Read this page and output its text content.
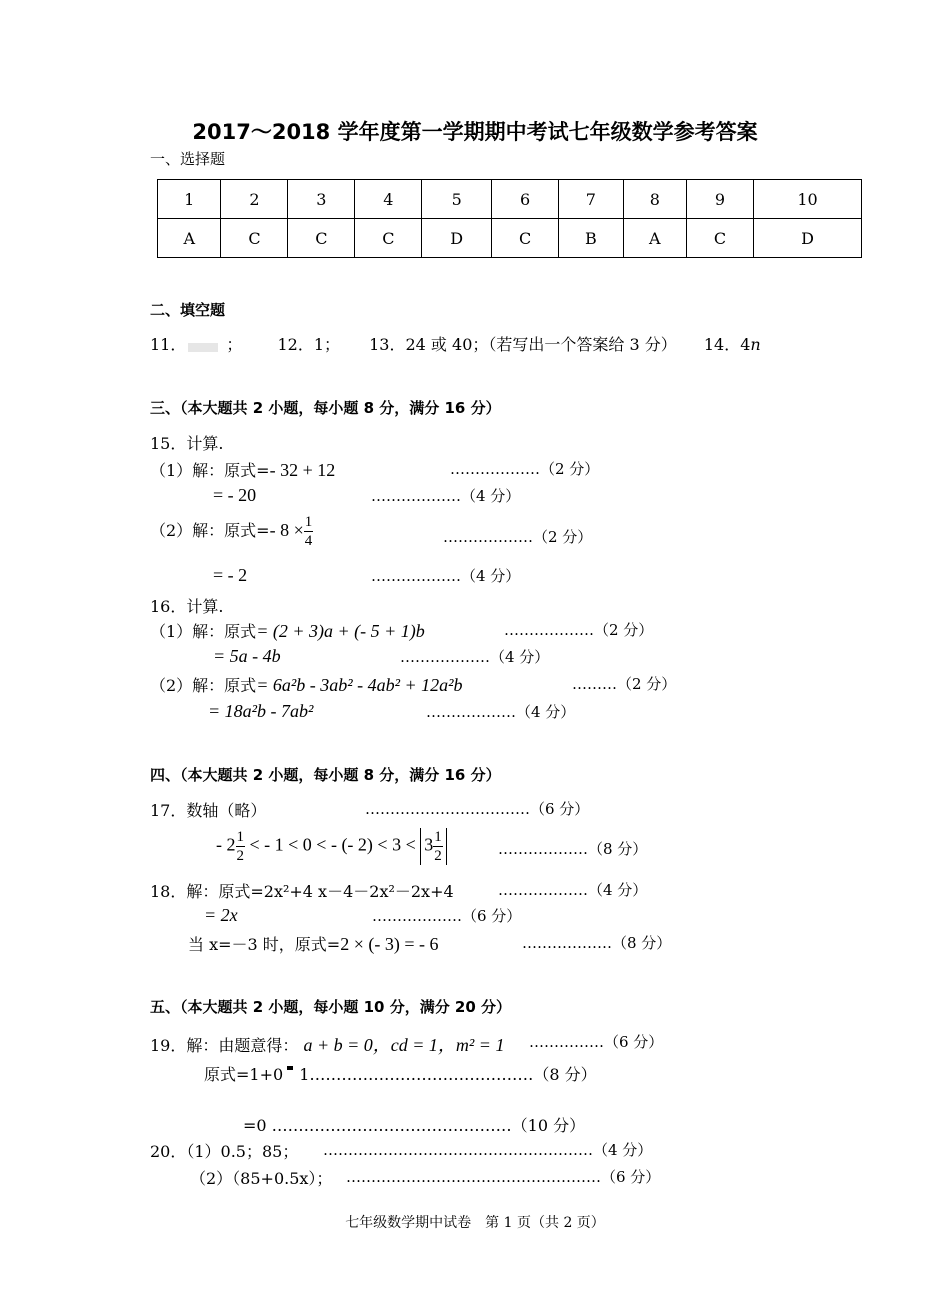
2017～2018 学年度第一学期期中考试七年级数学参考答案
一、选择题
1	2	3	4	5	6	7	8	9	10
A	C	C	C	D	C	B	A	C	D
二、填空题
11．	； 12．1； 13．24 或 40；（若写出一个答案给 3 分） 14．4n
三、（本大题共 2 小题，每小题 8 分，满分 16 分）
15．计算.
（1）解：原式=- 32 + 12	………………（2 分）
= - 20	………………（4 分）
（2）解：原式=- $8 \times \frac{1}{4}$	………………（2 分）
= - 2	………………（4 分）
16．计算.
（1）解：原式= (2 + 3)a + (- 5 + 1)b	………………（2 分）
= 5a - 4b	………………（4 分）
（2）解：原式= 6a²b - 3ab² - 4ab² + 12a²b	………（2 分）
= 18a²b - 7ab²	………………（4 分）
四、（本大题共 2 小题，每小题 8 分，满分 16 分）
17．数轴（略）	……………………………（6 分）
- $2 \frac{1}{2}$ < - 1 < 0 < - (- $2) < 3 < 3 \frac{1}{2}$	………………（8 分）
18．解：原式=2x²+4 x－4－2x²－2x+4	………………（4 分）
= 2x	………………（6 分）
当 x=－3 时，原式=2 × (- 3) = - 6	………………（8 分）
五、（本大题共 2 小题，每小题 10 分，满分 20 分）
19．解：由题意得： a + b = 0，cd = 1，m² = 1 ……………（6 分）
原式=1+0 1……………………………………（8 分）
=0 ………………………………………（10 分）
20．（1）0.5；85； ………………………………………………（4 分）
（2）（85+0.5x）； ……………………………………………（6 分）
七年级数学期中试卷　第 1 页（共 2 页）
